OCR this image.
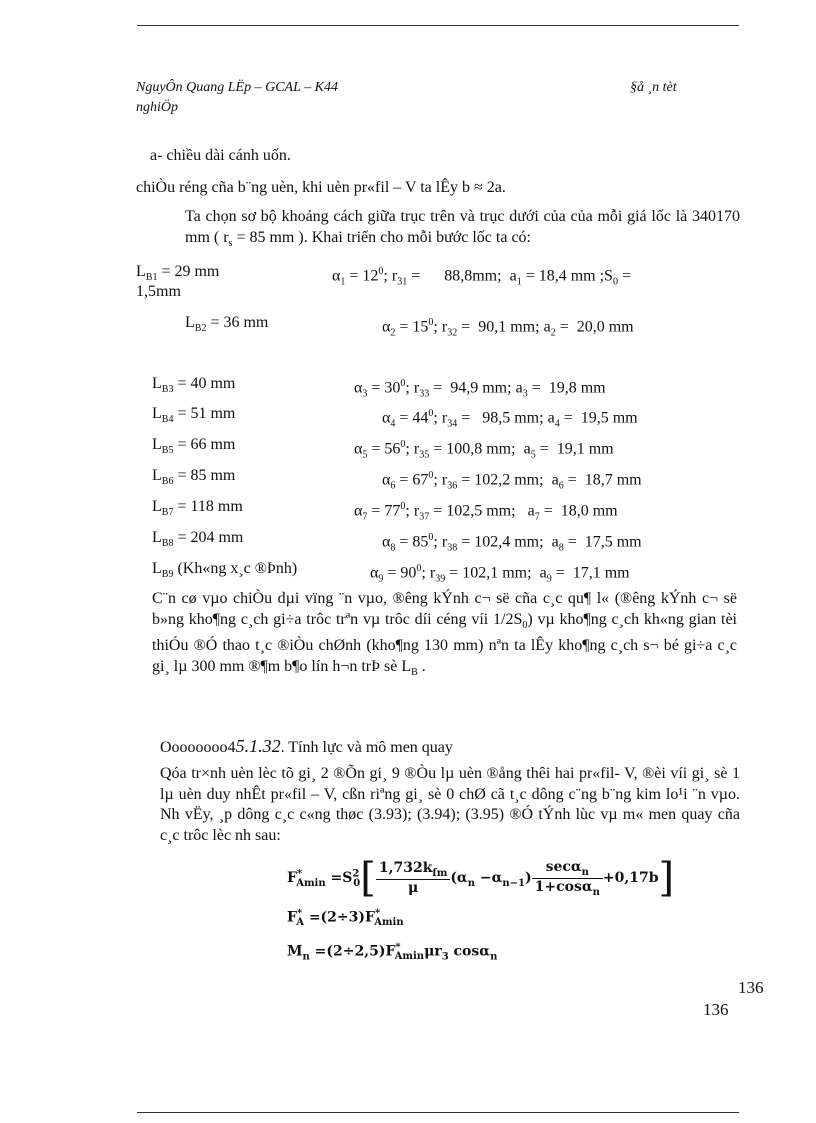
NguyÔn Quang LËp – GCAL – K44	§å ¸n tèt
nghiÖp
a- chiều dài cánh uốn.
chiÒu réng cña b¨ng uèn, khi uèn pr«fil – V ta lÊy b ≈ 2a.
Ta chọn sơ bộ khoảng cách giữa trục trên và trục dưới của của mỗi giá lốc là 340170 mm ( $r_s = 85$ mm ). Khai triển cho mỗi bước lốc ta có:
$L_{B1} = 29$ mm	$\alpha_1 = 12^0$; $r_{31}$ =      88,8mm;  $a_1 = 18,4$ mm $;S_0$ =
1,5mm
$L_{B2} = 36$ mm	$\alpha_2 = 15^0$; $r_{32} = 90,1$ mm; $a_2 = 20,0$ mm
$L_{B3} = 40$ mm	$\alpha_3 = 30^0$; $r_{33} = 94,9$ mm; $a_3 = 19,8$ mm
$L_{B4} = 51$ mm	$\alpha_4 = 44^0$; $r_{34} = 98,5$ mm; $a_4 = 19,5$ mm
$L_{B5} = 66$ mm	$\alpha_5 = 56^0$; $r_{35} = 100,8$ mm;  $a_5 = 19,1$ mm
$L_{B6} = 85$ mm	$\alpha_6 = 67^0$; $r_{36} = 102,2$ mm;  $a_6 = 18,7$ mm
$L_{B7} = 118$ mm	$\alpha_7 = 77^0$; $r_{37} = 102,5$ mm;   $a_7 = 18,0$ mm
$L_{B8} = 204$ mm	$\alpha_8 = 85^0$; $r_{38} = 102,4$ mm;  $a_8 = 17,5$ mm
$L_{B9}$ (Kh«ng x¸c ®Þnh)	$\alpha_9 = 90^0$; $r_{39} = 102,1$ mm;  $a_9 = 17,1$ mm
C¨n cø vµo chiÒu dµi vïng ¨n vµo, ®êng kÝnh c¬ së cña c¸c qu¶ l« (®êng kÝnh c¬ së b»ng kho¶ng c¸ch gi÷a trôc trªn vµ trôc díi céng víi $1/2S_0$) vµ kho¶ng c¸ch kh«ng gian tèi thiÓu ®Ó thao t¸c ®iÒu chØnh (kho¶ng 130 mm) nªn ta lÊy kho¶ng c¸ch s¬ bé gi÷a c¸c gi¸ lµ 300 mm ®¶m b¶o lín h¬n trÞ sè $L_B$ .
Oooooooo45.1.32. Tính lực và mô men quay
Qóa tr×nh uèn lèc tõ gi¸ 2 ®Õn gi¸ 9 ®Òu lµ uèn ®ång thêi hai pr«fil- V, ®èi víi gi¸ sè 1 lµ uèn duy nhÊt pr«fil – V, cßn riªng gi¸ sè 0 chØ cã t¸c dông c¨ng b¨ng kim lo¹i ¨n vµo. Nh vËy, ¸p dông c¸c c«ng thøc (3.93); (3.94); (3.95) ®Ó tÝnh lùc vµ m« men quay cña c¸c trôc lèc nh sau:
$F^*_{Amin} =S^2_0[ \frac{1,732k_{fm}}{\mu} (\alpha_n -\alpha_{n-1}) \frac{\sec\alpha_n}{1+\cos\alpha_n} +0,17b]$
$F^*_A =(2\div 3)F^*_{Amin}$
$M_n =(2\div 2,5)F^*_{Amin}\mu r_3$ cosα$_n$
136
136
